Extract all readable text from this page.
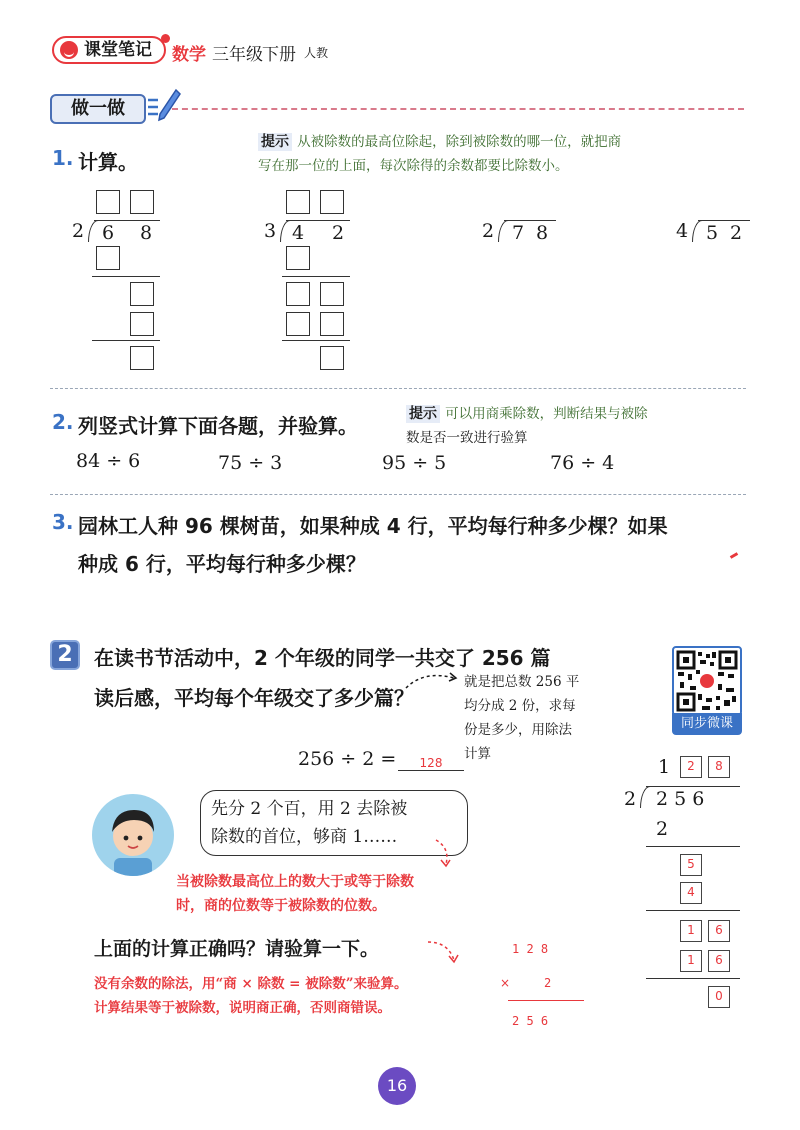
课堂笔记	数学 三年级 下册 人教
做一做
1. 计算。
提示 从被除数的最高位除起，除到被除数的哪一位，就把商
写在那一位的上面，每次除得的余数都要比除数小。
2 6 8	3 4 2	2 7 8	4 5 2
2. 列竖式计算下面各题，并验算。	提示 可以用商乘除数，判断结果与被除
数是否一致进行验算
84 ÷ 6	75 ÷ 3	95 ÷ 5	76 ÷ 4
3. 园林工人种 96 棵树苗，如果种成 4 行，平均每行种多少棵？如果
种成 6 行，平均每行种多少棵？
2	在读书节活动中，2 个年级的同学一共交了 256 篇
读后感，平均每个年级交了多少篇？
就是把总数 256 平
均分成 2 份，求每
份是多少，用除法
计算
同步微课
256 ÷ 2 =	128
先分 2 个百，用 2 去除被
除数的首位，够商 1……
当被除数最高位上的数大于或等于除数
时，商的位数等于被除数的位数。
上面的计算正确吗？请验算一下。
没有余数的除法，用“商 × 除数 = 被除数”来验算。
计算结果等于被除数，说明商正确，否则商错误。
1 2 8
×	2
2 5 6
1	2	8
2 2 5 6
2
5
4
1	6
1	6
0
16
